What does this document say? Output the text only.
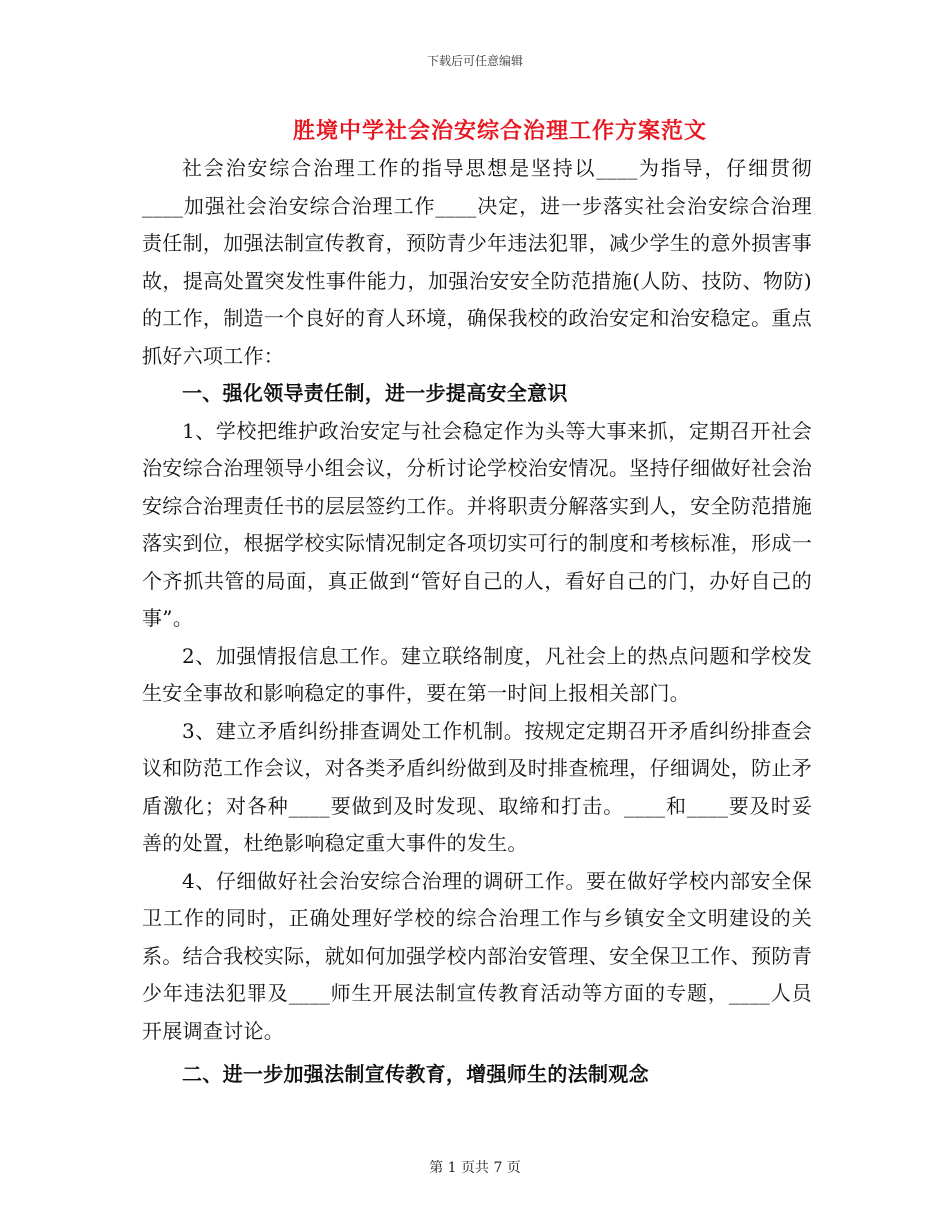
下载后可任意编辑
胜境中学社会治安综合治理工作方案范文

社会治安综合治理工作的指导思想是坚持以____为指导，仔细贯彻____加强社会治安综合治理工作____决定，进一步落实社会治安综合治理责任制，加强法制宣传教育，预防青少年违法犯罪，减少学生的意外损害事故，提高处置突发性事件能力，加强治安安全防范措施(人防、技防、物防)的工作，制造一个良好的育人环境，确保我校的政治安定和治安稳定。重点抓好六项工作：

一、强化领导责任制，进一步提高安全意识

1、学校把维护政治安定与社会稳定作为头等大事来抓，定期召开社会治安综合治理领导小组会议，分析讨论学校治安情况。坚持仔细做好社会治安综合治理责任书的层层签约工作。并将职责分解落实到人，安全防范措施落实到位，根据学校实际情况制定各项切实可行的制度和考核标准，形成一个齐抓共管的局面，真正做到“管好自己的人，看好自己的门，办好自己的事”。

2、加强情报信息工作。建立联络制度，凡社会上的热点问题和学校发生安全事故和影响稳定的事件，要在第一时间上报相关部门。

3、建立矛盾纠纷排查调处工作机制。按规定定期召开矛盾纠纷排查会议和防范工作会议，对各类矛盾纠纷做到及时排查梳理，仔细调处，防止矛盾激化；对各种____要做到及时发现、取缔和打击。____和____要及时妥善的处置，杜绝影响稳定重大事件的发生。

4、仔细做好社会治安综合治理的调研工作。要在做好学校内部安全保卫工作的同时，正确处理好学校的综合治理工作与乡镇安全文明建设的关系。结合我校实际，就如何加强学校内部治安管理、安全保卫工作、预防青少年违法犯罪及____师生开展法制宣传教育活动等方面的专题，____人员开展调查讨论。

二、进一步加强法制宣传教育，增强师生的法制观念

第 1 页共 7 页
